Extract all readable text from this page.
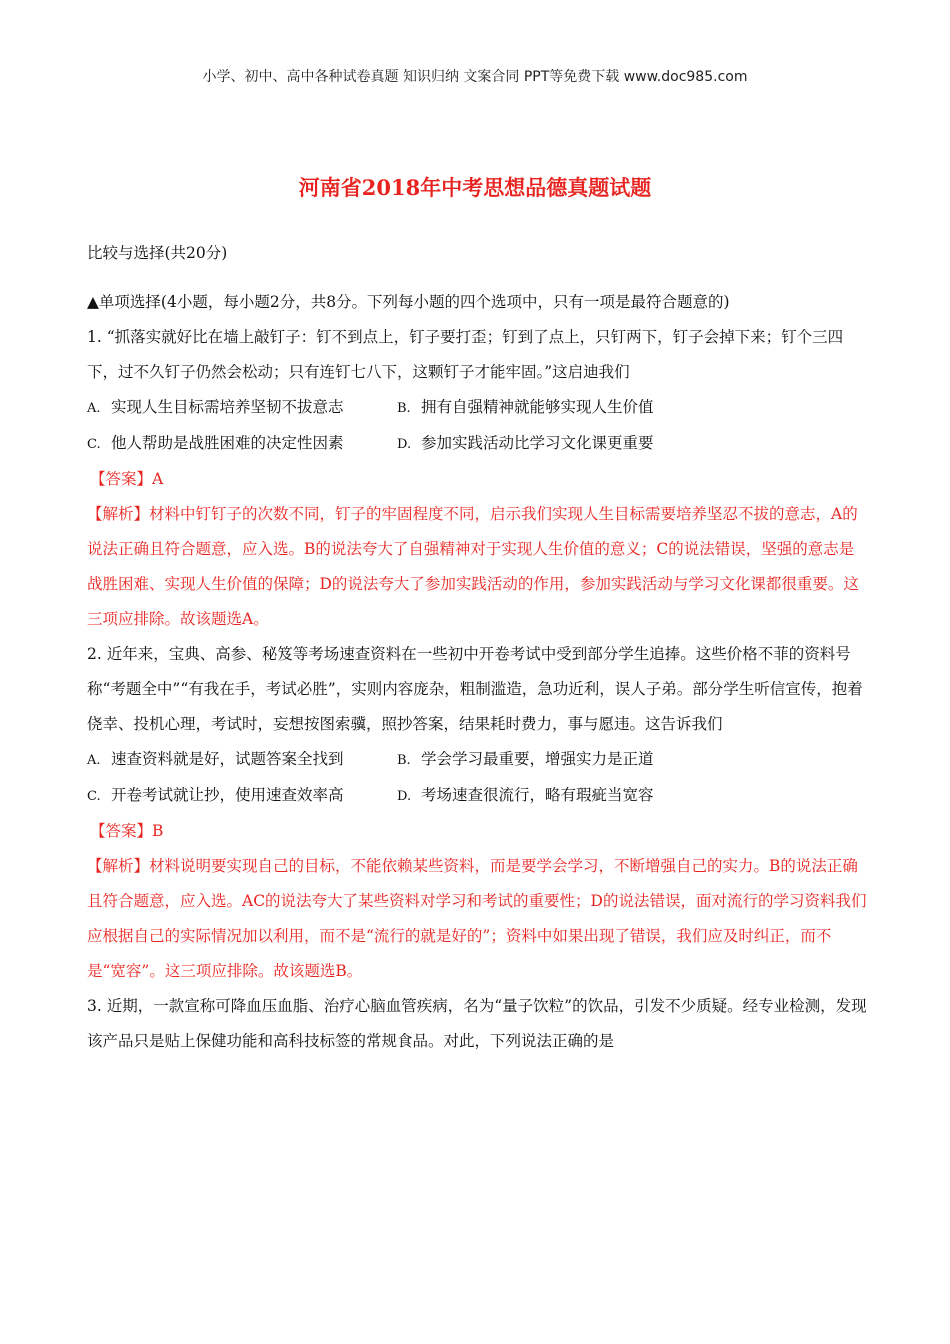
小学、初中、高中各种试卷真题 知识归纳 文案合同 PPT等免费下载 www.doc985.com
河南省2018年中考思想品德真题试题
比较与选择(共20分)
▲单项选择(4小题，每小题2分，共8分。下列每小题的四个选项中，只有一项是最符合题意的)
1. “抓落实就好比在墙上敲钉子：钉不到点上，钉子要打歪；钉到了点上，只钉两下，钉子会掉下来；钉个三四下，过不久钉子仍然会松动；只有连钉七八下，这颗钉子才能牢固。”这启迪我们
A. 实现人生目标需培养坚韧不拔意志	B. 拥有自强精神就能够实现人生价值
C. 他人帮助是战胜困难的决定性因素	D. 参加实践活动比学习文化课更重要
【答案】A
【解析】材料中钉钉子的次数不同，钉子的牢固程度不同，启示我们实现人生目标需要培养坚忍不拔的意志，A的说法正确且符合题意，应入选。B的说法夸大了自强精神对于实现人生价值的意义；C的说法错误，坚强的意志是战胜困难、实现人生价值的保障；D的说法夸大了参加实践活动的作用，参加实践活动与学习文化课都很重要。这三项应排除。故该题选A。
2. 近年来，宝典、高参、秘笈等考场速查资料在一些初中开卷考试中受到部分学生追捧。这些价格不菲的资料号称“考题全中”“有我在手，考试必胜”，实则内容庞杂，粗制滥造，急功近利，误人子弟。部分学生听信宣传，抱着侥幸、投机心理，考试时，妄想按图索骥，照抄答案，结果耗时费力，事与愿违。这告诉我们
A. 速查资料就是好，试题答案全找到	B. 学会学习最重要，增强实力是正道
C. 开卷考试就让抄，使用速查效率高	D. 考场速查很流行，略有瑕疵当宽容
【答案】B
【解析】材料说明要实现自己的目标，不能依赖某些资料，而是要学会学习，不断增强自己的实力。B的说法正确且符合题意，应入选。AC的说法夸大了某些资料对学习和考试的重要性；D的说法错误，面对流行的学习资料我们应根据自己的实际情况加以利用，而不是“流行的就是好的”；资料中如果出现了错误，我们应及时纠正，而不是“宽容”。这三项应排除。故该题选B。
3. 近期，一款宣称可降血压血脂、治疗心脑血管疾病，名为“量子饮粒”的饮品，引发不少质疑。经专业检测，发现该产品只是贴上保健功能和高科技标签的常规食品。对此，下列说法正确的是
